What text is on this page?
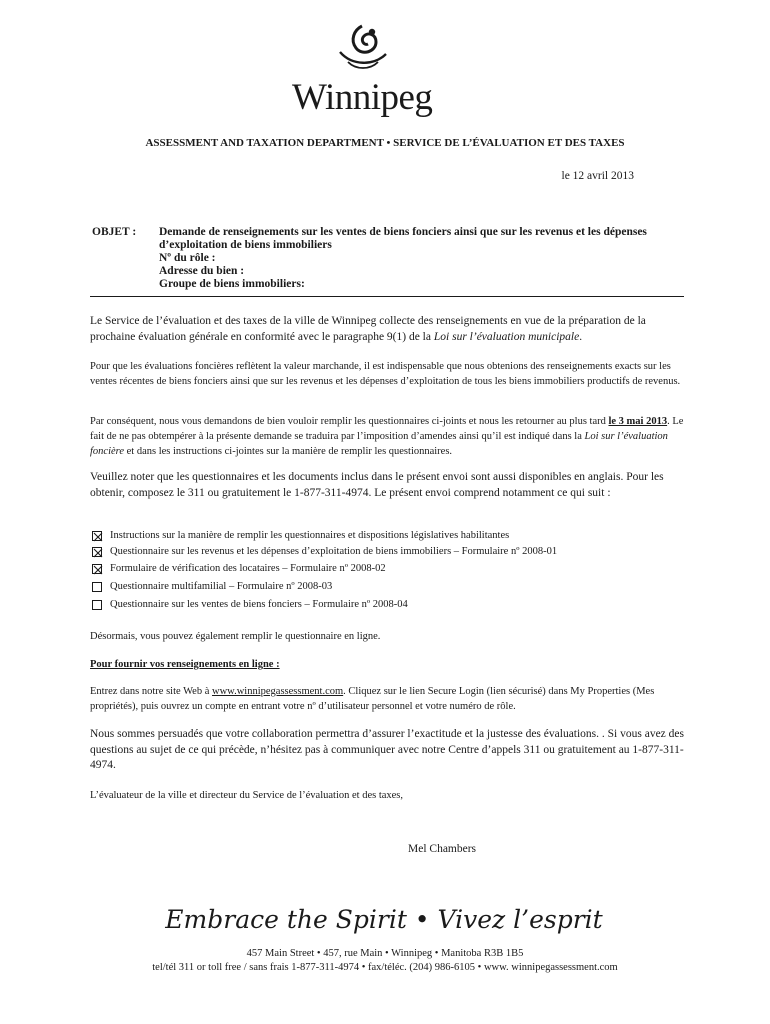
Winnipeg
ASSESSMENT AND TAXATION DEPARTMENT • SERVICE DE L’ÉVALUATION ET DES TAXES
le 12 avril 2013
OBJET : Demande de renseignements sur les ventes de biens fonciers ainsi que sur les revenus et les dépenses
d’exploitation de biens immobiliers
Nº du rôle :
Adresse du bien :
Groupe de biens immobiliers:
Le Service de l’évaluation et des taxes de la ville de Winnipeg collecte des renseignements en vue de la préparation de la prochaine évaluation générale en conformité avec le paragraphe 9(1) de la Loi sur l’évaluation municipale.
Pour que les évaluations foncières reflètent la valeur marchande, il est indispensable que nous obtenions des renseignements exacts sur les ventes récentes de biens fonciers ainsi que sur les revenus et les dépenses d’exploitation de tous les biens immobiliers productifs de revenus.
Par conséquent, nous vous demandons de bien vouloir remplir les questionnaires ci-joints et nous les retourner au plus tard le 3 mai 2013. Le fait de ne pas obtempérer à la présente demande se traduira par l’imposition d’amendes ainsi qu’il est indiqué dans la Loi sur l’évaluation foncière et dans les instructions ci-jointes sur la manière de remplir les questionnaires.
Veuillez noter que les questionnaires et les documents inclus dans le présent envoi sont aussi disponibles en anglais. Pour les obtenir, composez le 311 ou gratuitement le 1-877-311-4974. Le présent envoi comprend notamment ce qui suit :
Instructions sur la manière de remplir les questionnaires et dispositions législatives habilitantes
Questionnaire sur les revenus et les dépenses d’exploitation de biens immobiliers – Formulaire nº 2008-01
Formulaire de vérification des locataires – Formulaire nº 2008-02
Questionnaire multifamilial – Formulaire nº 2008-03
Questionnaire sur les ventes de biens fonciers – Formulaire nº 2008-04
Désormais, vous pouvez également remplir le questionnaire en ligne.
Pour fournir vos renseignements en ligne :
Entrez dans notre site Web à www.winnipegassessment.com. Cliquez sur le lien Secure Login (lien sécurisé) dans My Properties (Mes propriétés), puis ouvrez un compte en entrant votre nº d’utilisateur personnel et votre numéro de rôle.
Nous sommes persuadés que votre collaboration permettra d’assurer l’exactitude et la justesse des évaluations. . Si vous avez des questions au sujet de ce qui précède, n’hésitez pas à communiquer avec notre Centre d’appels 311 ou gratuitement au 1-877-311-4974.
L’évaluateur de la ville et directeur du Service de l’évaluation et des taxes,
Mel Chambers
Embrace the Spirit • Vivez l’esprit
457 Main Street • 457, rue Main • Winnipeg • Manitoba R3B 1B5
tel/tél 311 or toll free / sans frais 1-877-311-4974 • fax/téléc. (204) 986-6105 • www. winnipegassessment.com
